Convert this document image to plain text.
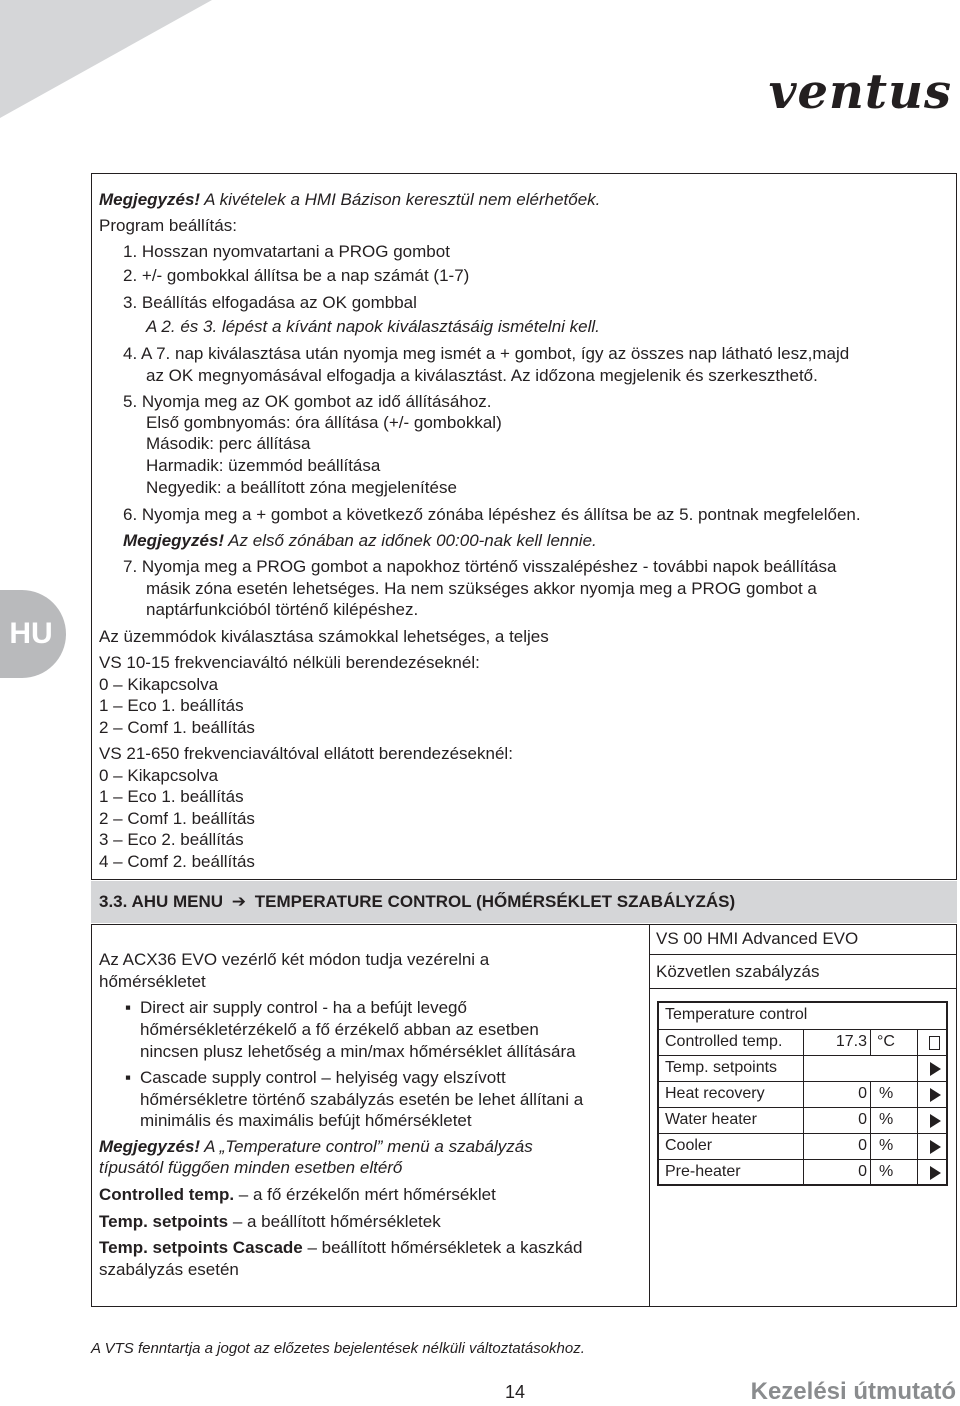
ventus
HU
Megjegyzés! A kivételek a HMI Bázison keresztül nem elérhetőek.
Program beállítás:
1. Hosszan nyomvatartani a PROG gombot
2. +/- gombokkal állítsa be a nap számát (1-7)
3. Beállítás elfogadása az OK gombbal
A 2. és 3. lépést a kívánt napok kiválasztásáig ismételni kell.
4. A 7. nap kiválasztása után nyomja meg ismét a + gombot, így az összes nap látható lesz,majd
az OK megnyomásával elfogadja a kiválasztást. Az időzona megjelenik és szerkeszthető.
5. Nyomja meg az OK gombot az idő állításához.
Első gombnyomás: óra állítása (+/- gombokkal)
Második: perc állítása
Harmadik: üzemmód beállítása
Negyedik: a beállított zóna megjelenítése
6. Nyomja meg a + gombot a következő zónába lépéshez és állítsa be az 5. pontnak megfelelően.
Megjegyzés! Az első zónában az időnek 00:00-nak kell lennie.
7. Nyomja meg a PROG gombot a napokhoz történő visszalépéshez - további napok beállítása
másik zóna esetén lehetséges. Ha nem szükséges akkor nyomja meg a PROG gombot a
naptárfunkcióból történő kilépéshez.
Az üzemmódok kiválasztása számokkal lehetséges, a teljes
VS 10-15 frekvenciaváltó nélküli berendezéseknél:
0 – Kikapcsolva
1 – Eco 1. beállítás
2 – Comf 1. beállítás
VS 21-650 frekvenciaváltóval ellátott berendezéseknél:
0 – Kikapcsolva
1 – Eco 1. beállítás
2 – Comf 1. beállítás
3 – Eco 2. beállítás
4 – Comf 2. beállítás
3.3. AHU MENU ➔ TEMPERATURE CONTROL (HŐMÉRSÉKLET SZABÁLYZÁS)
Az ACX36 EVO vezérlő két módon tudja vezérelni a
hőmérsékletet
▪ Direct air supply control - ha a befújt levegő
hőmérsékletérzékelő a fő érzékelő abban az esetben
nincsen plusz lehetőség a min/max hőmérséklet állítására
▪ Cascade supply control – helyiség vagy elszívott
hőmérsékletre történő szabályzás esetén be lehet állítani a
minimális és maximális befújt hőmérsékletet
Megjegyzés! A „Temperature control” menü a szabályzás
típusától függően minden esetben eltérő
Controlled temp. – a fő érzékelőn mért hőmérséklet
Temp. setpoints – a beállított hőmérsékletek
Temp. setpoints Cascade – beállított hőmérsékletek a kaszkád
szabályzás esetén
VS 00 HMI Advanced EVO
Közvetlen szabályzás
Temperature control
Controlled temp.	17.3 °C
Temp. setpoints
Heat recovery	0 %
Water heater	0 %
Cooler	0 %
Pre-heater	0 %
A VTS fenntartja a jogot az előzetes bejelentések nélküli változtatásokhoz.
14	Kezelési útmutató
